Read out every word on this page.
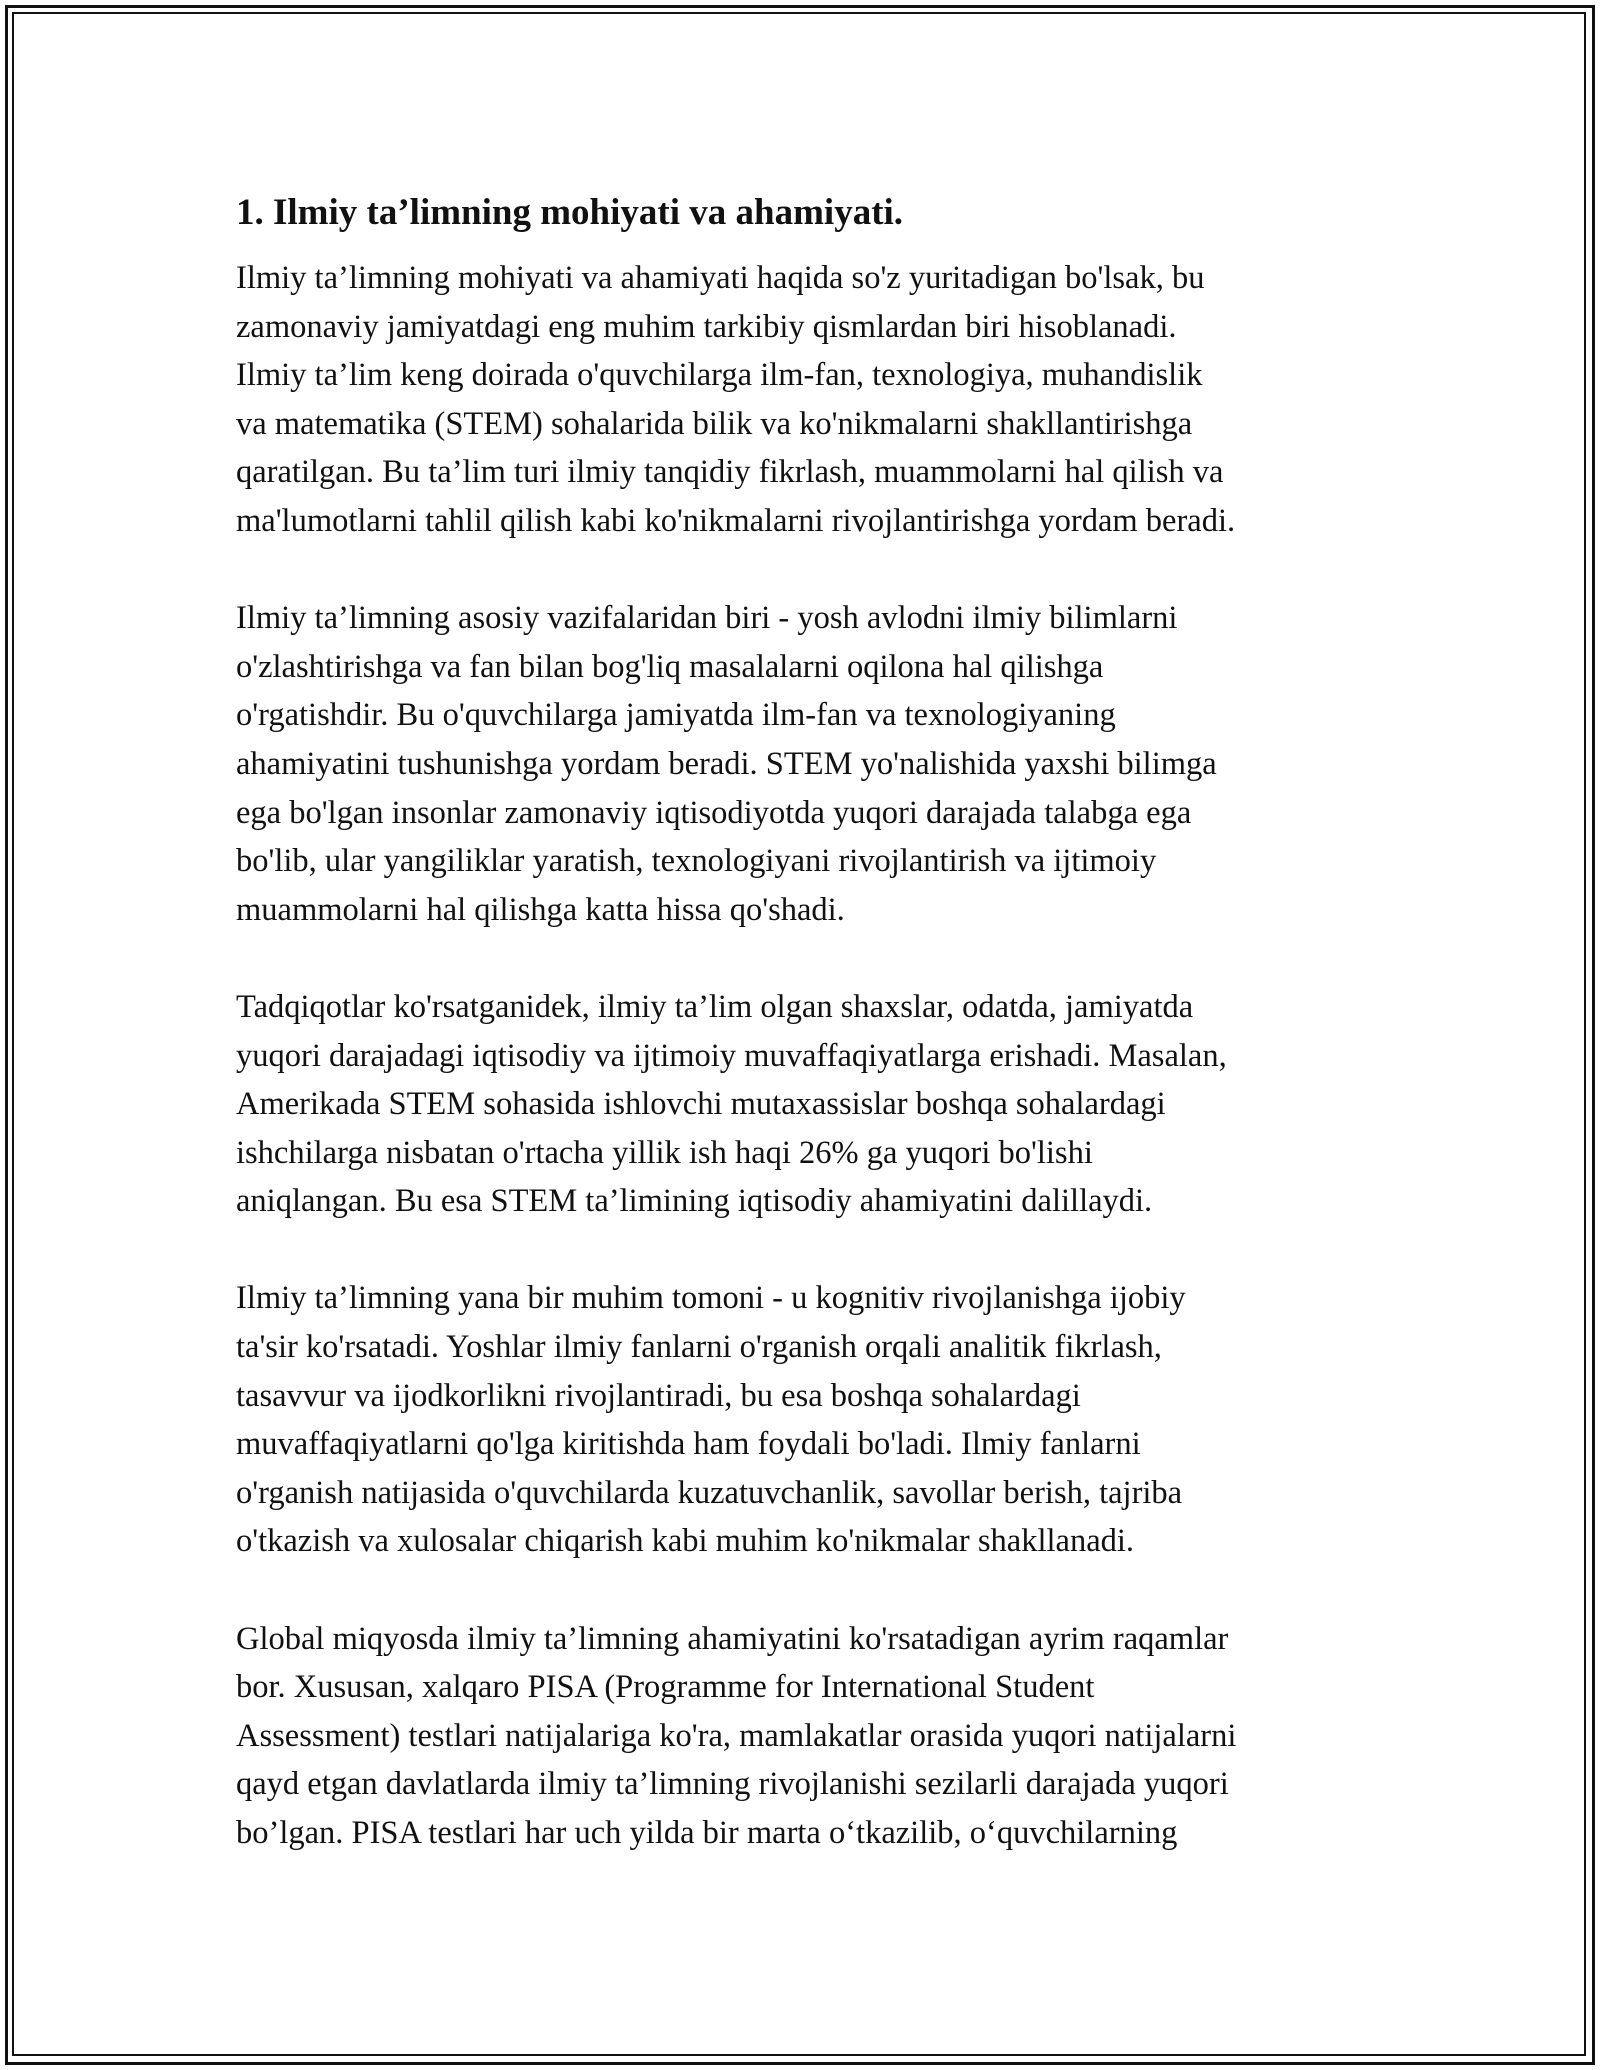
1. Ilmiy ta’limning mohiyati va ahamiyati.
Ilmiy ta’limning mohiyati va ahamiyati haqida so'z yuritadigan bo'lsak, bu
zamonaviy jamiyatdagi eng muhim tarkibiy qismlardan biri hisoblanadi.
Ilmiy ta’lim keng doirada o'quvchilarga ilm-fan, texnologiya, muhandislik
va matematika (STEM) sohalarida bilik va ko'nikmalarni shakllantirishga
qaratilgan. Bu ta’lim turi ilmiy tanqidiy fikrlash, muammolarni hal qilish va
ma'lumotlarni tahlil qilish kabi ko'nikmalarni rivojlantirishga yordam beradi.
Ilmiy ta’limning asosiy vazifalaridan biri - yosh avlodni ilmiy bilimlarni
o'zlashtirishga va fan bilan bog'liq masalalarni oqilona hal qilishga
o'rgatishdir. Bu o'quvchilarga jamiyatda ilm-fan va texnologiyaning
ahamiyatini tushunishga yordam beradi. STEM yo'nalishida yaxshi bilimga
ega bo'lgan insonlar zamonaviy iqtisodiyotda yuqori darajada talabga ega
bo'lib, ular yangiliklar yaratish, texnologiyani rivojlantirish va ijtimoiy
muammolarni hal qilishga katta hissa qo'shadi.
Tadqiqotlar ko'rsatganidek, ilmiy ta’lim olgan shaxslar, odatda, jamiyatda
yuqori darajadagi iqtisodiy va ijtimoiy muvaffaqiyatlarga erishadi. Masalan,
Amerikada STEM sohasida ishlovchi mutaxassislar boshqa sohalardagi
ishchilarga nisbatan o'rtacha yillik ish haqi 26% ga yuqori bo'lishi
aniqlangan. Bu esa STEM ta’limining iqtisodiy ahamiyatini dalillaydi.
Ilmiy ta’limning yana bir muhim tomoni - u kognitiv rivojlanishga ijobiy
ta'sir ko'rsatadi. Yoshlar ilmiy fanlarni o'rganish orqali analitik fikrlash,
tasavvur va ijodkorlikni rivojlantiradi, bu esa boshqa sohalardagi
muvaffaqiyatlarni qo'lga kiritishda ham foydali bo'ladi. Ilmiy fanlarni
o'rganish natijasida o'quvchilarda kuzatuvchanlik, savollar berish, tajriba
o'tkazish va xulosalar chiqarish kabi muhim ko'nikmalar shakllanadi.
Global miqyosda ilmiy ta’limning ahamiyatini ko'rsatadigan ayrim raqamlar
bor. Xususan, xalqaro PISA (Programme for International Student
Assessment) testlari natijalariga ko'ra, mamlakatlar orasida yuqori natijalarni
qayd etgan davlatlarda ilmiy ta’limning rivojlanishi sezilarli darajada yuqori
bo’lgan. PISA testlari har uch yilda bir marta o‘tkazilib, o‘quvchilarning
